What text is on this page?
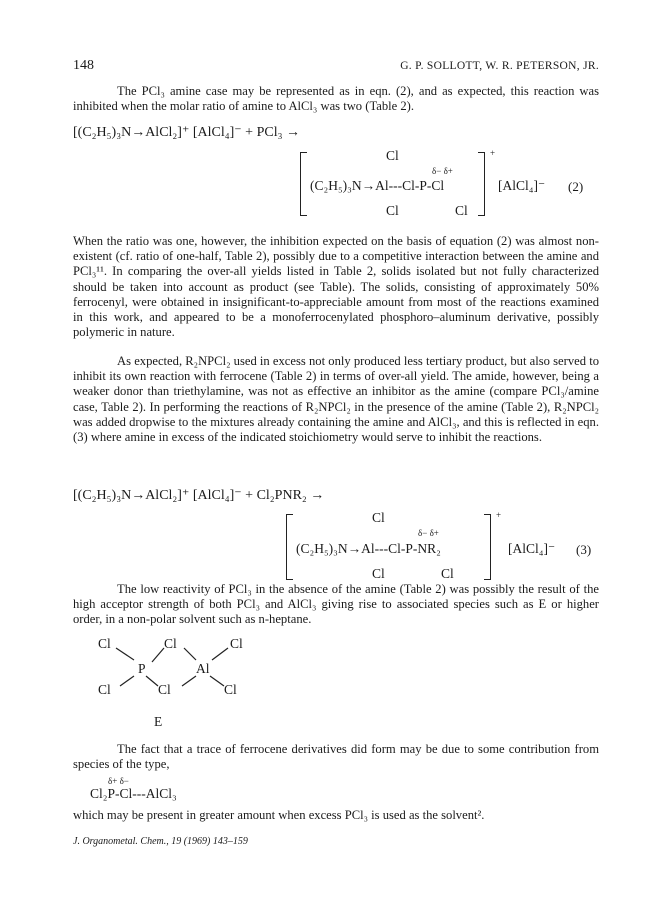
148	G. P. SOLLOTT, W. R. PETERSON, JR.

The PCl₃ amine case may be represented as in eqn. (2), and as expected, this reaction was inhibited when the molar ratio of amine to AlCl₃ was two (Table 2).

[(C₂H₅)₃N→AlCl₂]⁺ [AlCl₄]⁻ + PCl₃ →
Cl
δ− δ+
(C₂H₅)₃N→Al---Cl-P-Cl
Cl	Cl
+
[AlCl₄]⁻ (2)

When the ratio was one, however, the inhibition expected on the basis of equation (2) was almost non-existent (cf. ratio of one-half, Table 2), possibly due to a competitive interaction between the amine and PCl₃¹¹. In comparing the over-all yields listed in Table 2, solids isolated but not fully characterized should be taken into account as product (see Table). The solids, consisting of approximately 50% ferrocenyl, were obtained in insignificant-to-appreciable amount from most of the reactions examined in this work, and appeared to be a monoferrocenylated phosphoro–aluminum derivative, possibly polymeric in nature.

As expected, R₂NPCl₂ used in excess not only produced less tertiary product, but also served to inhibit its own reaction with ferrocene (Table 2) in terms of over-all yield. The amide, however, being a weaker donor than triethylamine, was not as effective an inhibitor as the amine (compare PCl₃/amine case, Table 2). In performing the reactions of R₂NPCl₂ in the presence of the amine (Table 2), R₂NPCl₂ was added dropwise to the mixtures already containing the amine and AlCl₃, and this is reflected in eqn. (3) where amine in excess of the indicated stoichiometry would serve to inhibit the reactions.

[(C₂H₅)₃N→AlCl₂]⁺ [AlCl₄]⁻ + Cl₂PNR₂ →
Cl
δ− δ+
(C₂H₅)₃N→Al---Cl-P-NR₂
Cl	Cl
+
[AlCl₄]⁻ (3)

The low reactivity of PCl₃ in the absence of the amine (Table 2) was possibly the result of the high acceptor strength of both PCl₃ and AlCl₃ giving rise to associated species such as E or higher order, in a non-polar solvent such as n-heptane.

Cl	Cl	Cl
P	Al
Cl	Cl	Cl
E

The fact that a trace of ferrocene derivatives did form may be due to some contribution from species of the type,

δ+ δ−
Cl₂P-Cl---AlCl₃

which may be present in greater amount when excess PCl₃ is used as the solvent².

J. Organometal. Chem., 19 (1969) 143–159
